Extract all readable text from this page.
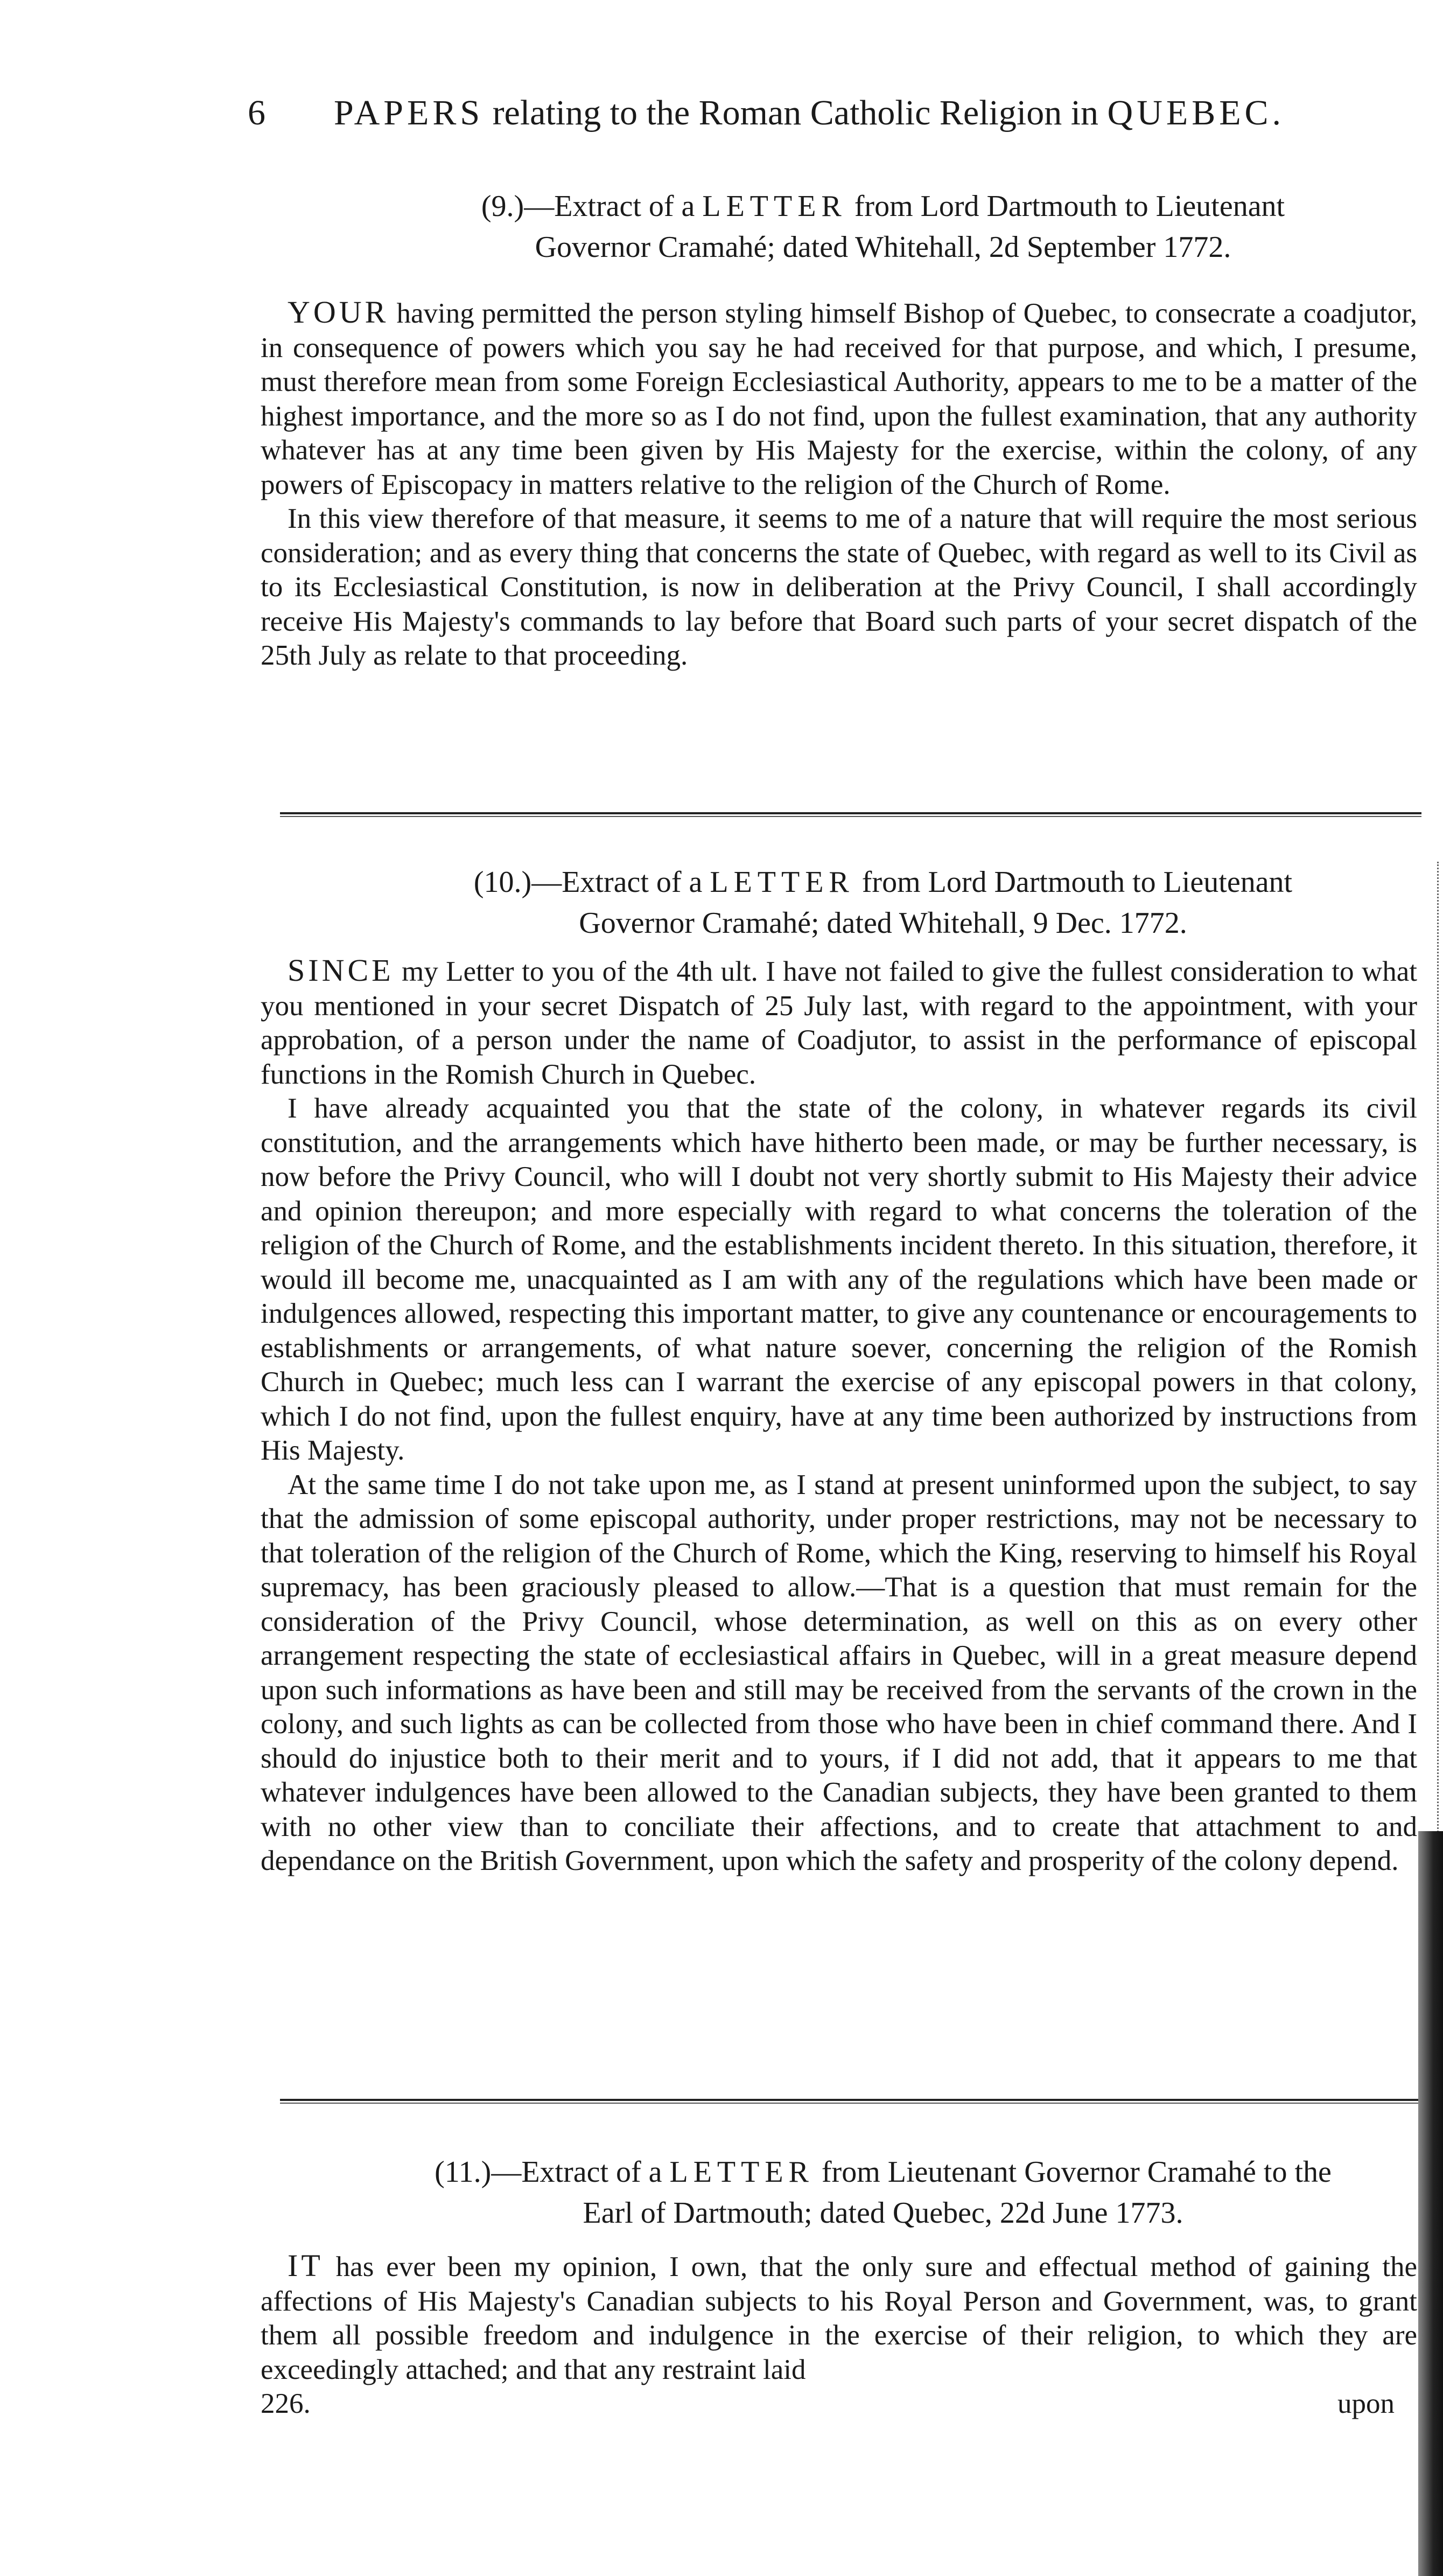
6 PAPERS relating to the Roman Catholic Religion in QUEBEC.
(9.)—Extract of a LETTER from Lord Dartmouth to Lieutenant
Governor Cramahé; dated Whitehall, 2d September 1772.

YOUR having permitted the person styling himself Bishop of Quebec, to consecrate a coadjutor, in consequence of powers which you say he had received for that purpose, and which, I presume, must therefore mean from some Foreign Ecclesiastical Authority, appears to me to be a matter of the highest importance, and the more so as I do not find, upon the fullest examination, that any authority whatever has at any time been given by His Majesty for the exercise, within the colony, of any powers of Episcopacy in matters relative to the religion of the Church of Rome.

In this view therefore of that measure, it seems to me of a nature that will require the most serious consideration; and as every thing that concerns the state of Quebec, with regard as well to its Civil as to its Ecclesiastical Constitution, is now in deliberation at the Privy Council, I shall accordingly receive His Majesty's commands to lay before that Board such parts of your secret dispatch of the 25th July as relate to that proceeding.

(10.)—Extract of a LETTER from Lord Dartmouth to Lieutenant
Governor Cramahé; dated Whitehall, 9 Dec. 1772.

SINCE my Letter to you of the 4th ult. I have not failed to give the fullest consideration to what you mentioned in your secret Dispatch of 25 July last, with regard to the appointment, with your approbation, of a person under the name of Coadjutor, to assist in the performance of episcopal functions in the Romish Church in Quebec.

I have already acquainted you that the state of the colony, in whatever regards its civil constitution, and the arrangements which have hitherto been made, or may be further necessary, is now before the Privy Council, who will I doubt not very shortly submit to His Majesty their advice and opinion thereupon; and more especially with regard to what concerns the toleration of the religion of the Church of Rome, and the establishments incident thereto. In this situation, therefore, it would ill become me, unacquainted as I am with any of the regulations which have been made or indulgences allowed, respecting this important matter, to give any countenance or encouragements to establishments or arrangements, of what nature soever, concerning the religion of the Romish Church in Quebec; much less can I warrant the exercise of any episcopal powers in that colony, which I do not find, upon the fullest enquiry, have at any time been authorized by instructions from His Majesty.

At the same time I do not take upon me, as I stand at present uninformed upon the subject, to say that the admission of some episcopal authority, under proper restrictions, may not be necessary to that toleration of the religion of the Church of Rome, which the King, reserving to himself his Royal supremacy, has been graciously pleased to allow.—That is a question that must remain for the consideration of the Privy Council, whose determination, as well on this as on every other arrangement respecting the state of ecclesiastical affairs in Quebec, will in a great measure depend upon such informations as have been and still may be received from the servants of the crown in the colony, and such lights as can be collected from those who have been in chief command there. And I should do injustice both to their merit and to yours, if I did not add, that it appears to me that whatever indulgences have been allowed to the Canadian subjects, they have been granted to them with no other view than to conciliate their affections, and to create that attachment to and dependance on the British Government, upon which the safety and prosperity of the colony depend.

(11.)—Extract of a LETTER from Lieutenant Governor Cramahé to the
Earl of Dartmouth; dated Quebec, 22d June 1773.

IT has ever been my opinion, I own, that the only sure and effectual method of gaining the affections of His Majesty's Canadian subjects to his Royal Person and Government, was, to grant them all possible freedom and indulgence in the exercise of their religion, to which they are exceedingly attached; and that any restraint laid

226.	upon
